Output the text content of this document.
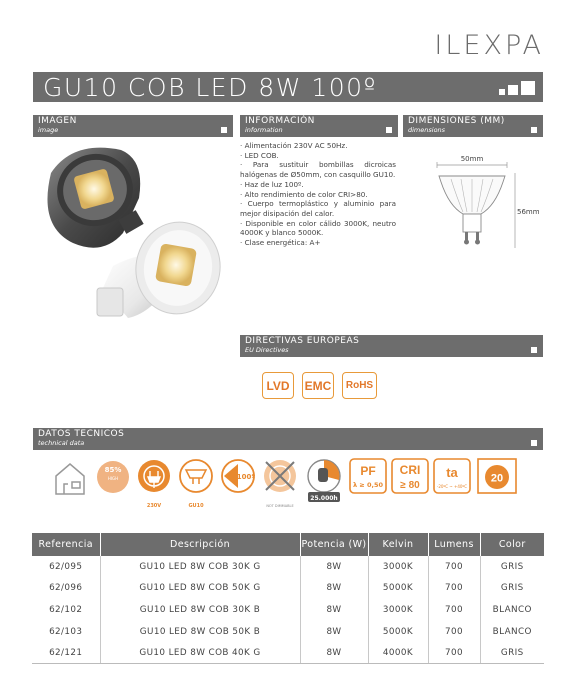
ILEXPA
GU10 COB LED 8W 100º
IMAGEN
image
INFORMACIÓN
information
DIMENSIONES (MM)
dimensions
DIRECTIVAS EUROPEAS
EU Directives
DATOS TECNICOS
technical data

· Alimentación 230V AC 50Hz.

· LED COB.

· Para sustituir bombillas dicroicas halógenas de Ø50mm, con casquillo GU10.

· Haz de luz 100º.

· Alto rendimiento de color CRI>80.

· Cuerpo termoplástico y aluminio para mejor disipación del calor.

· Disponible en color cálido 3000K, neutro 4000K y blanco 5000K.

· Clase energética: A+

50mm
56mm
LVD	EMC	RoHS
85%
HIGH
230V	GU10
100º
NOT DIMMABLE
25.000h
PF
λ ≥ 0,50
CRI
≥ 80
ta
-20ºC ~ +40ºC
20
Referencia	Descripción	Potencia (W)	Kelvin	Lumens	Color
62/095	GU10 LED 8W COB 30K G	8W	3000K	700	GRIS
62/096	GU10 LED 8W COB 50K G	8W	5000K	700	GRIS
62/102	GU10 LED 8W COB 30K B	8W	3000K	700	BLANCO
62/103	GU10 LED 8W COB 50K B	8W	5000K	700	BLANCO
62/121	GU10 LED 8W COB 40K G	8W	4000K	700	GRIS
